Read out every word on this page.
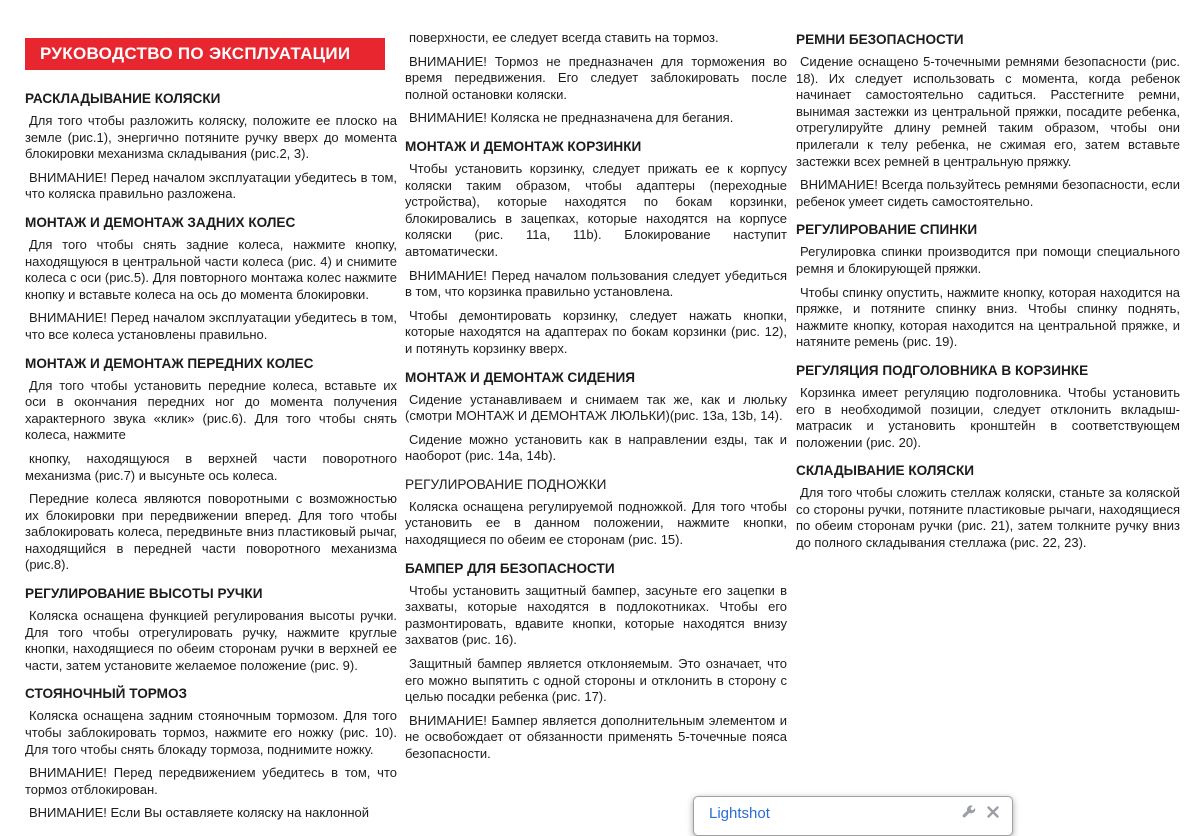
РУКОВОДСТВО ПО ЭКСПЛУАТАЦИИ
РАСКЛАДЫВАНИЕ КОЛЯСКИ
Для того чтобы разложить коляску, положите ее плоско на земле (рис.1), энергично потяните ручку вверх до момента блокировки механизма складывания (рис.2, 3).
ВНИМАНИЕ! Перед началом эксплуатации убедитесь в том, что коляска правильно разложена.
МОНТАЖ И ДЕМОНТАЖ ЗАДНИХ КОЛЕС
Для того чтобы снять задние колеса, нажмите кнопку, находящуюся в центральной части колеса (рис. 4) и снимите колеса с оси (рис.5). Для повторного монтажа колес нажмите кнопку и вставьте колеса на ось до момента блокировки.
ВНИМАНИЕ! Перед началом эксплуатации убедитесь в том, что все колеса установлены правильно.
МОНТАЖ И ДЕМОНТАЖ ПЕРЕДНИХ КОЛЕС
Для того чтобы установить передние колеса, вставьте их оси в окончания передних ног до момента получения характерного звука «клик» (рис.6). Для того чтобы снять колеса, нажмите
кнопку, находящуюся в верхней части поворотного механизма (рис.7) и высуньте ось колеса.
Передние колеса являются поворотными с возможностью их блокировки при передвижении вперед. Для того чтобы заблокировать колеса, передвиньте вниз пластиковый рычаг, находящийся в передней части поворотного механизма (рис.8).
РЕГУЛИРОВАНИЕ ВЫСОТЫ РУЧКИ
Коляска оснащена функцией регулирования высоты ручки. Для того чтобы отрегулировать ручку, нажмите круглые кнопки, находящиеся по обеим сторонам ручки в верхней ее части, затем установите желаемое положение (рис. 9).
СТОЯНОЧНЫЙ ТОРМОЗ
Коляска оснащена задним стояночным тормозом. Для того чтобы заблокировать тормоз, нажмите его ножку (рис. 10). Для того чтобы снять блокаду тормоза, поднимите ножку.
ВНИМАНИЕ! Перед передвижением убедитесь в том, что тормоз отблокирован.
ВНИМАНИЕ! Если Вы оставляете коляску на наклонной
поверхности, ее следует всегда ставить на тормоз.
ВНИМАНИЕ! Тормоз не предназначен для торможения во время передвижения. Его следует заблокировать после полной остановки коляски.
ВНИМАНИЕ! Коляска не предназначена для бегания.
МОНТАЖ И ДЕМОНТАЖ КОРЗИНКИ
Чтобы установить корзинку, следует прижать ее к корпусу коляски таким образом, чтобы адаптеры (переходные устройства), которые находятся по бокам корзинки, блокировались в зацепках, которые находятся на корпусе коляски (рис. 11a, 11b). Блокирование наступит автоматически.
ВНИМАНИЕ! Перед началом пользования следует убедиться в том, что корзинка правильно установлена.
Чтобы демонтировать корзинку, следует нажать кнопки, которые находятся на адаптерах по бокам корзинки (рис. 12), и потянуть корзинку вверх.
МОНТАЖ И ДЕМОНТАЖ СИДЕНИЯ
Сидение устанавливаем и снимаем так же, как и люльку (смотри МОНТАЖ И ДЕМОНТАЖ ЛЮЛЬКИ)(рис. 13a, 13b, 14).
Сидение можно установить как в направлении езды, так и наоборот (рис. 14a, 14b).
РЕГУЛИРОВАНИЕ ПОДНОЖКИ
Коляска оснащена регулируемой подножкой. Для того чтобы установить ее в данном положении, нажмите кнопки, находящиеся по обеим ее сторонам (рис. 15).
БАМПЕР ДЛЯ БЕЗОПАСНОСТИ
Чтобы установить защитный бампер, засуньте его зацепки в захваты, которые находятся в подлокотниках. Чтобы его размонтировать, вдавите кнопки, которые находятся внизу захватов (рис. 16).
Защитный бампер является отклоняемым. Это означает, что его можно выпятить с одной стороны и отклонить в сторону с целью посадки ребенка (рис. 17).
ВНИМАНИЕ! Бампер является дополнительным элементом и не освобождает от обязанности применять 5-точечные пояса безопасности.
РЕМНИ БЕЗОПАСНОСТИ
Сидение оснащено 5-точечными ремнями безопасности (рис. 18). Их следует использовать с момента, когда ребенок начинает самостоятельно садиться. Расстегните ремни, вынимая застежки из центральной пряжки, посадите ребенка, отрегулируйте длину ремней таким образом, чтобы они прилегали к телу ребенка, не сжимая его, затем вставьте застежки всех ремней в центральную пряжку.
ВНИМАНИЕ! Всегда пользуйтесь ремнями безопасности, если ребенок умеет сидеть самостоятельно.
РЕГУЛИРОВАНИЕ СПИНКИ
Регулировка спинки производится при помощи специального ремня и блокирующей пряжки.
Чтобы спинку опустить, нажмите кнопку, которая находится на пряжке, и потяните спинку вниз. Чтобы спинку поднять, нажмите кнопку, которая находится на центральной пряжке, и натяните ремень (рис. 19).
РЕГУЛЯЦИЯ ПОДГОЛОВНИКА В КОРЗИНКЕ
Корзинка имеет регуляцию подголовника. Чтобы установить его в необходимой позиции, следует отклонить вкладыш-матрасик и установить кронштейн в соответствующем положении (рис. 20).
СКЛАДЫВАНИЕ КОЛЯСКИ
Для того чтобы сложить стеллаж коляски, станьте за коляской со стороны ручки, потяните пластиковые рычаги, находящиеся по обеим сторонам ручки (рис. 21), затем толкните ручку вниз до полного складывания стеллажа (рис. 22, 23).
Lightshot
